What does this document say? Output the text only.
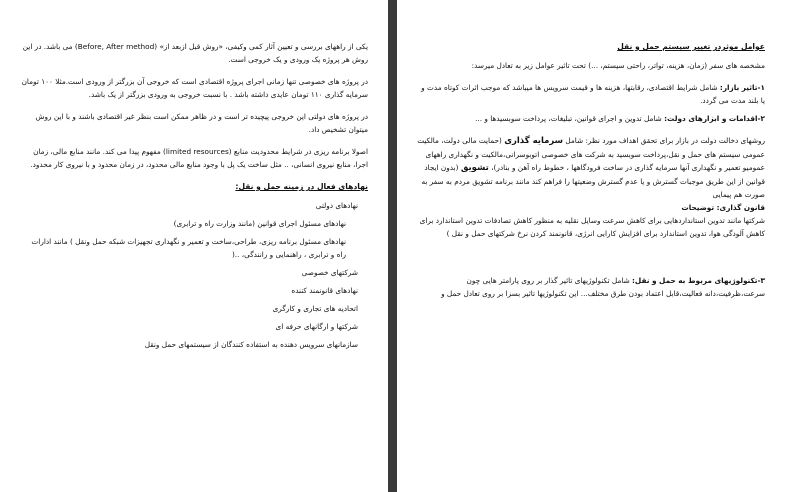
یکی از راههای بررسی و تعیین آثار کمی وکیفی، «روش قبل ازبعد از» (Before, After method) می باشد. در این روش هر پروژه یک ورودی و یک خروجی است.

در پروژه های خصوصی تنها زمانی اجرای پروژه اقتصادی است که خروجی آن بزرگتر از ورودی است.مثلا ۱۰۰ تومان سرمایه گذاری ۱۱۰ تومان عایدی داشته باشد . با نسبت خروجی به ورودی بزرگتر از یک باشد.

در پروژه های دولتی این خروجی پیچیده تر است و در ظاهر ممکن است بنظر غیر اقتصادی باشند و با این روش میتوان تشخیص داد.

اصولا برنامه ریزی در شرایط محدودیت منابع (limited resources) مفهوم پیدا می کند. مانند منابع مالی، زمان اجرا، منابع نیروی انسانی، .. مثل ساخت یک پل با وجود منابع مالی محدود، در زمان محدود و با نیروی کار محدود.

نهادهای فعال در زمینه حمل و نقل:

نهادهای دولتی

نهادهای مسئول اجرای قوانین (مانند وزارت راه و ترابری)

نهادهای مسئول برنامه ریزی، طراحی،ساخت و تعمیر و نگهداری تجهیزات شبکه حمل ونقل ) مانند ادارات راه و ترابری ، راهنمایی و رانندگی، ..(

شرکتهای خصوصی

نهادهای قانونمند کننده

اتحادیه های تجاری و کارگری

شرکتها و ارگانهای حرفه ای

سازمانهای سرویس دهنده به استفاده کنندگان از سیستمهای حمل ونقل

عوامل موثردر تغییر سیستم حمل و نقل

مشخصه های سفر (زمان، هزینه، تواتر، راحتی سیستم، ...) تحت تاثیر عوامل زیر به تعادل میرسد:

۱-تاثیر بازار: شامل شرایط اقتصادی، رقابتها، هزینه ها و قیمت سرویس ها میباشد که موجب اثرات کوتاه مدت و یا بلند مدت می گردد.

۲-اقدامات و ابزارهای دولت: شامل تدوین و اجرای قوانین، تبلیغات، پرداخت سوبسیدها و ...

روشهای دخالت دولت در بازار برای تحقق اهداف مورد نظر: شامل سرمایه گذاری (حمایت مالی دولت، مالکیت عمومی سیستم های حمل و نقل،پرداخت سوبسید به شرکت های خصوصی اتوبوسرانی،مالکیت و نگهداری راههای عمومیو تعمیر و نگهداری آنها سرمایه گذاری در ساخت فرودگاهها ، خطوط راه آهن و بنادر)، تشویق (بدون ایجاد قوانین از این طریق موجبات گسترش و یا عدم گسترش وضعیتها را فراهم کند مانند برنامه تشویق مردم به سفر به صورت هم پیمایی

قانون گذاری: توضیحات

شرکتها مانند تدوین استانداردهایی برای کاهش سرعت وسایل نقلیه به منظور کاهش تصادفات تدوین استاندارد برای کاهش آلودگی هوا، تدوین استاندارد برای افزایش کارایی انرژی، قانونمند کردن نرخ شرکتهای حمل و نقل )

۳-تکنولوژیهای مربوط به حمل و نقل: شامل تکنولوژیهای تاثیر گذار بر روی پارامتر هایی چون سرعت،ظرفیت،دانه فعالیت،قابل اعتماد بودن طرق مختلف... این تکنولوژیها تاثیر بسزا بر روی تعادل حمل و
